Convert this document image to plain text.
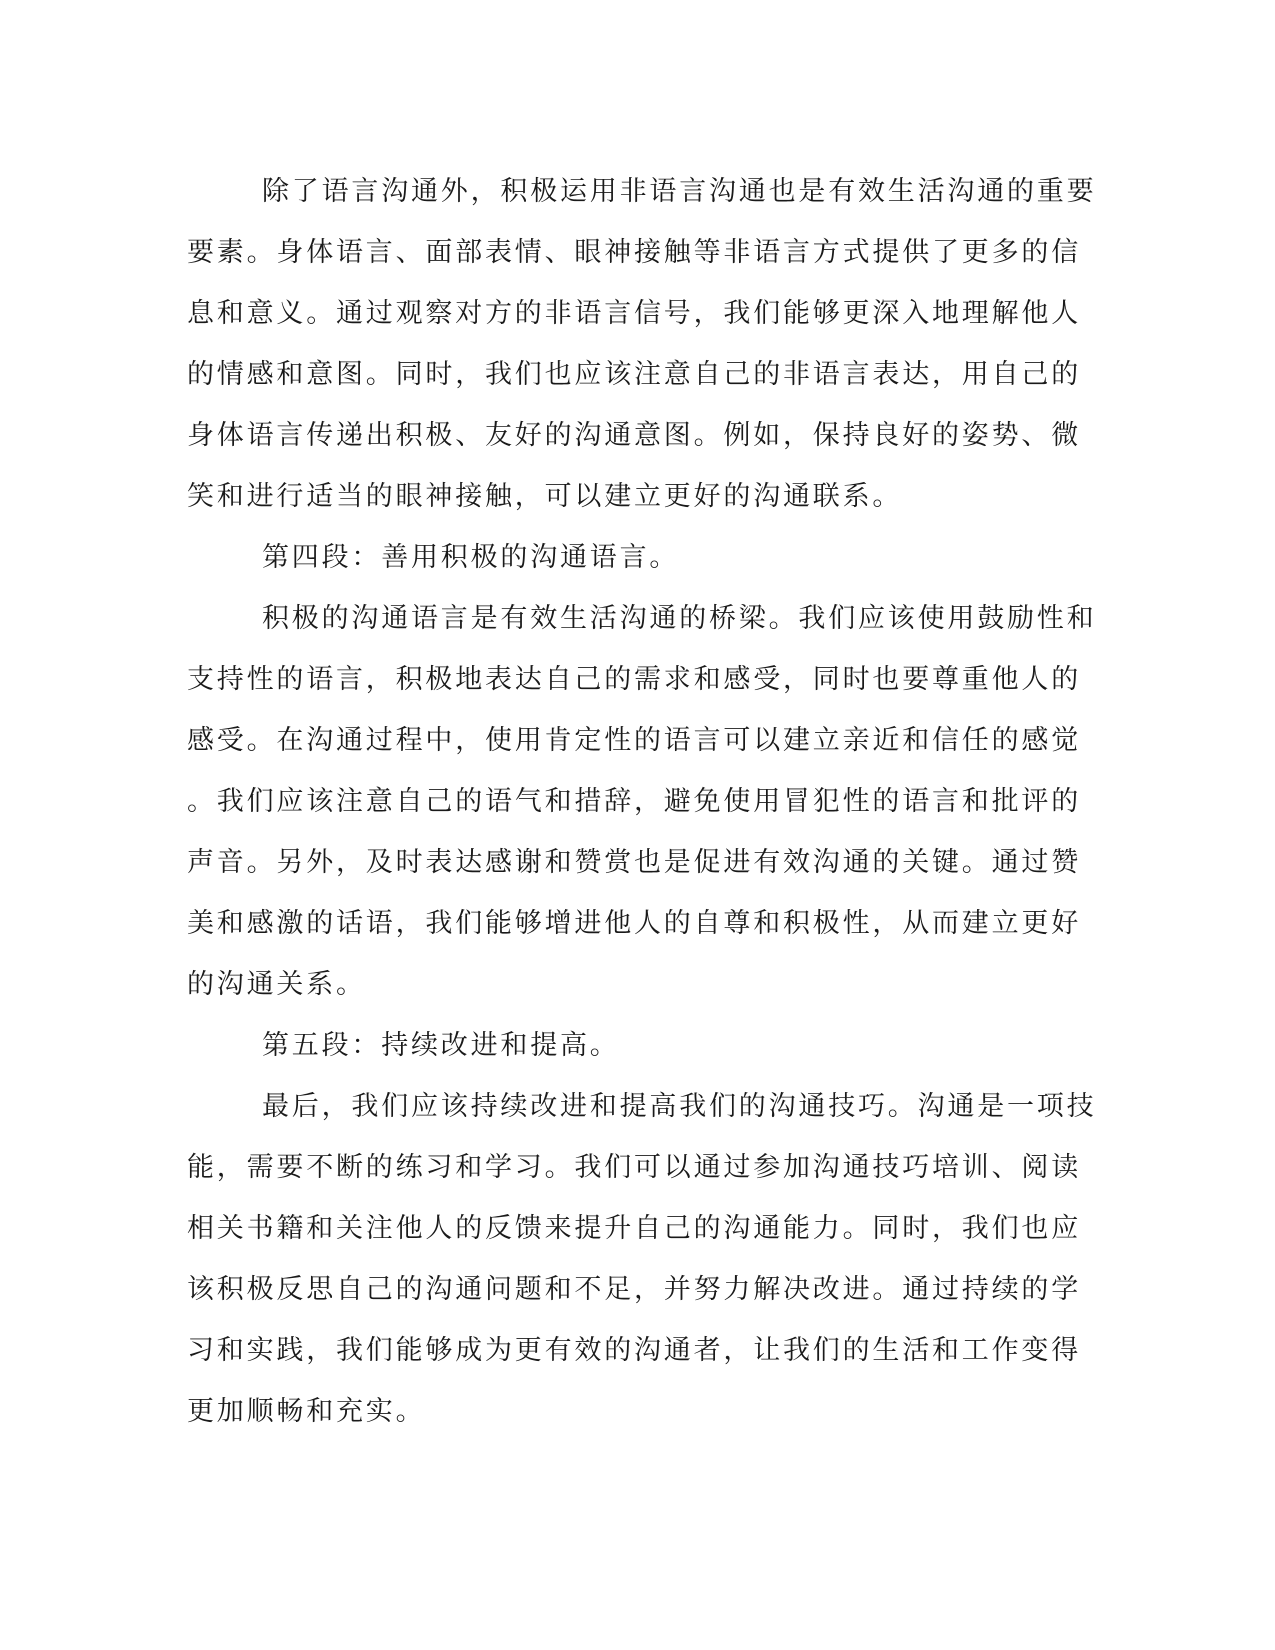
除了语言沟通外，积极运用非语言沟通也是有效生活沟通的重要
要素。身体语言、面部表情、眼神接触等非语言方式提供了更多的信
息和意义。通过观察对方的非语言信号，我们能够更深入地理解他人
的情感和意图。同时，我们也应该注意自己的非语言表达，用自己的
身体语言传递出积极、友好的沟通意图。例如，保持良好的姿势、微
笑和进行适当的眼神接触，可以建立更好的沟通联系。
第四段：善用积极的沟通语言。
积极的沟通语言是有效生活沟通的桥梁。我们应该使用鼓励性和
支持性的语言，积极地表达自己的需求和感受，同时也要尊重他人的
感受。在沟通过程中，使用肯定性的语言可以建立亲近和信任的感觉
。我们应该注意自己的语气和措辞，避免使用冒犯性的语言和批评的
声音。另外，及时表达感谢和赞赏也是促进有效沟通的关键。通过赞
美和感激的话语，我们能够增进他人的自尊和积极性，从而建立更好
的沟通关系。
第五段：持续改进和提高。
最后，我们应该持续改进和提高我们的沟通技巧。沟通是一项技
能，需要不断的练习和学习。我们可以通过参加沟通技巧培训、阅读
相关书籍和关注他人的反馈来提升自己的沟通能力。同时，我们也应
该积极反思自己的沟通问题和不足，并努力解决改进。通过持续的学
习和实践，我们能够成为更有效的沟通者，让我们的生活和工作变得
更加顺畅和充实。
